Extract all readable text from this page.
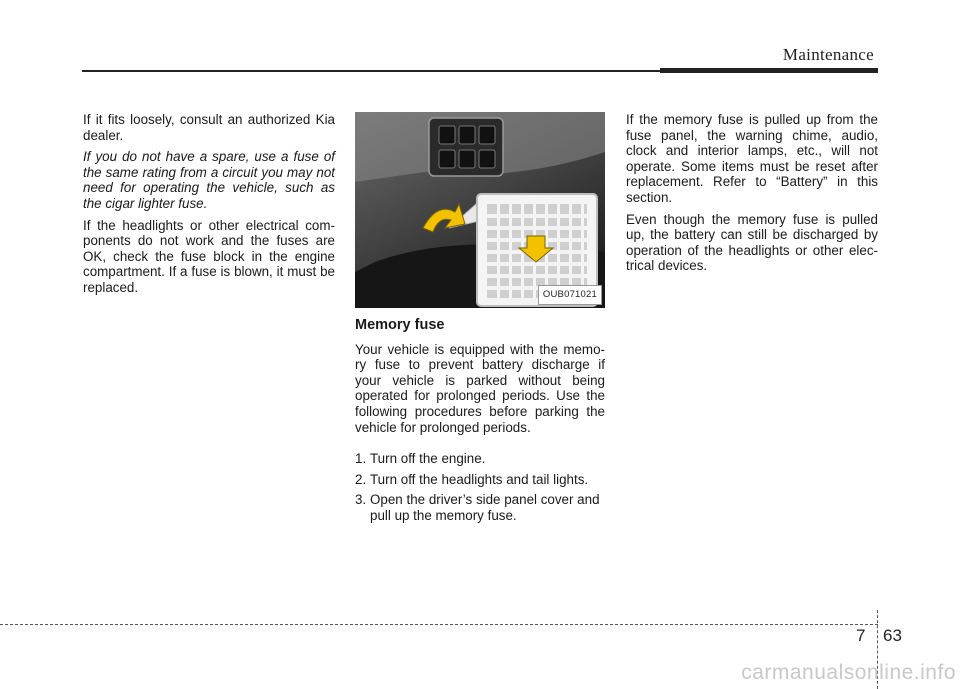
Maintenance

If it fits loosely, consult an authorized Kia dealer.

If you do not have a spare, use a fuse of the same rating from a circuit you may not need for operating the vehicle, such as the cigar lighter fuse.

If the headlights or other electrical com-ponents do not work and the fuses are OK, check the fuse block in the engine compartment. If a fuse is blown, it must be replaced.	OUB071021
Memory fuse

Your vehicle is equipped with the memo-ry fuse to prevent battery discharge if your vehicle is parked without being operated for prolonged periods. Use the following procedures before parking the vehicle for prolonged periods.

1. Turn off the engine.

2. Turn off the headlights and tail lights.

3. Open the driver’s side panel cover and pull up the memory fuse.

If the memory fuse is pulled up from the fuse panel, the warning chime, audio, clock and interior lamps, etc., will not operate. Some items must be reset after replacement. Refer to “Battery” in this section.

Even though the memory fuse is pulled up, the battery can still be discharged by operation of the headlights or other elec-trical devices.

7 63
carmanualsonline.info
